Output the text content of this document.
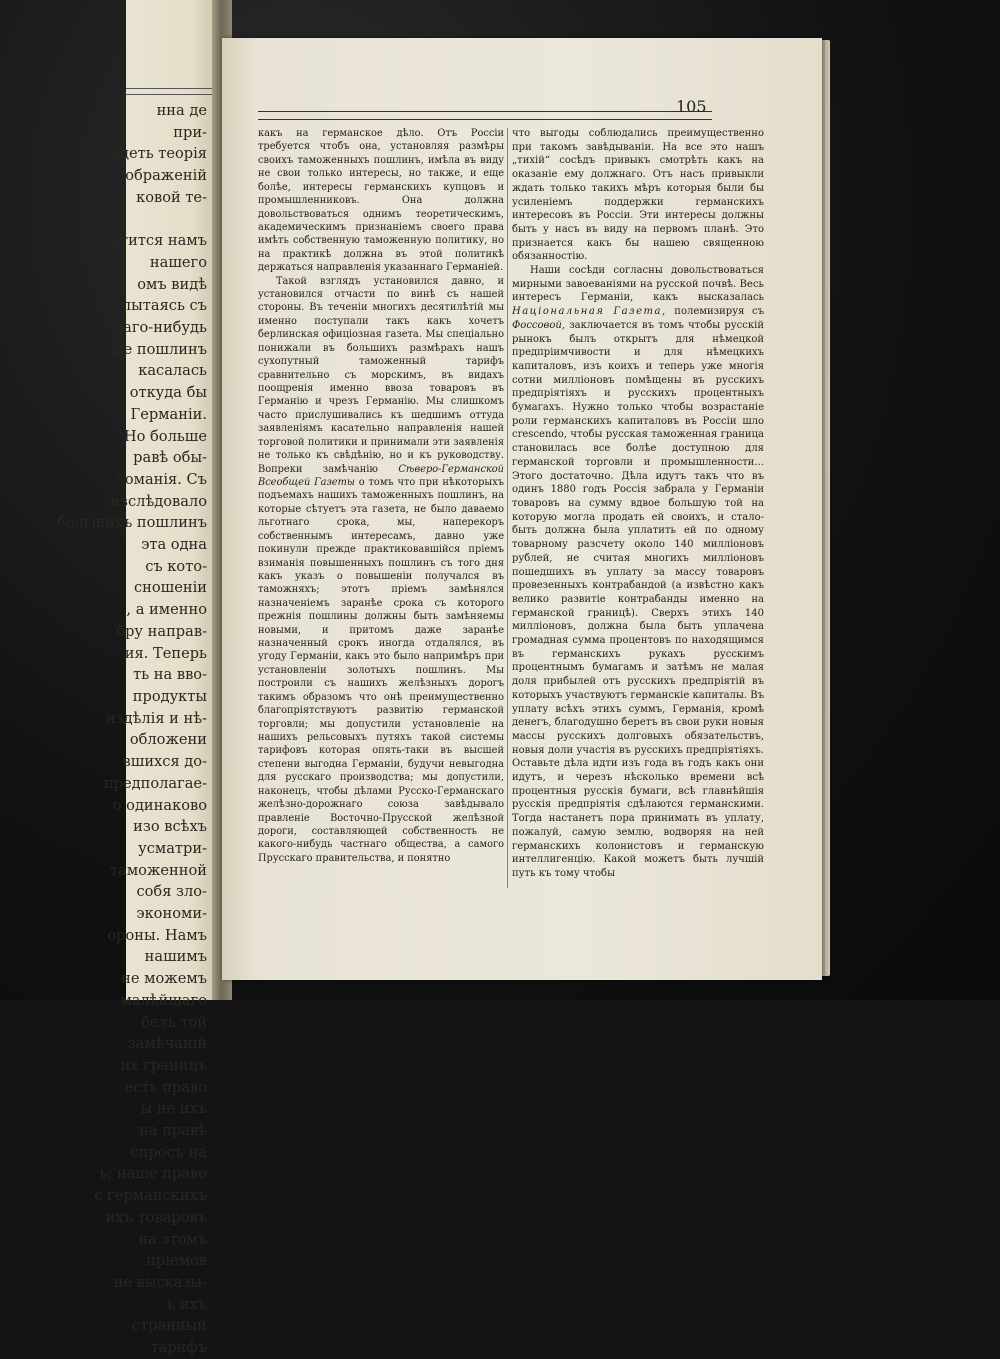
нна де
при-
ждеть теорія
ображеній
ковой те-

утится намъ
нашего
омъ видѣ
пытаясь съ
наго-нибудь
ые пошлинъ
касалась
откуда бы
Германіи.
Но больше
равѣ обы-
ломанія. Съ
изслѣдовало
большихъ пошлинъ
эта одна
съ кото-
сношеніи
, а именно
бру направ-
ия. Теперь
ть на вво-
продукты
издѣлія и нѣ-
обложени
вшихся до-
предполагае-
о одинаково
изо всѣхъ
усматри-
таможенной
собя зло-
экономи-
ороны. Намъ
нашимъ
не можемъ
малѣйшаго
безъ той
замѣчаній
их границъ
есть право
ы не ихъ
на правѣ
спросъ на
ь; наше право
с германскихъ
ихъ товаровъ
на этомъ
пріемов
не высказы-
ь ихъ
странный
тарифъ
105

какъ на германское дѣло. Отъ Россіи требуется чтобъ она, установляя размѣры своихъ таможенныхъ пошлинъ, имѣла въ виду не свои только интересы, но также, и еще болѣе, интересы германскихъ купцовъ и промышленниковъ. Она должна довольствоваться однимъ теоретическимъ, академическимъ признаніемъ своего права имѣть собственную таможенную политику, но на практикѣ должна въ этой политикѣ держаться направленія указаннаго Германіей.

Такой взглядъ установился давно, и установился отчасти по винѣ съ нашей стороны. Въ теченіи многихъ десятилѣтій мы именно поступали такъ какъ хочетъ берлинская офиціозная газета. Мы спеціально понижали въ большихъ размѣрахъ нашъ сухопутный таможенный тарифъ сравнительно съ морскимъ, въ видахъ поощренія именно ввоза товаровъ въ Германію и чрезъ Германію. Мы слишкомъ часто прислушивались къ шедшимъ оттуда заявленіямъ касательно направленія нашей торговой политики и принимали эти заявленія не только къ свѣдѣнію, но и къ руководству. Вопреки замѣчанію Сѣверо-Германской Всеобщей Газеты о томъ что при нѣкоторыхъ подъемахъ нашихъ таможенныхъ пошлинъ, на которые сѣтуетъ эта газета, не было даваемо льготнаго срока, мы, наперекоръ собственнымъ интересамъ, давно уже покинули прежде практиковавшійся пріемъ взиманія повышенныхъ пошлинъ съ того дня какъ указъ о повышеніи получался въ таможняхъ; этотъ пріемъ замѣнялся назначеніемъ заранѣе срока съ которого прежнія пошлины должны быть замѣняемы новыми, и притомъ даже заранѣе назначенный срокъ иногда отдалялся, въ угоду Германіи, какъ это было напримѣръ при установленіи золотыхъ пошлинъ. Мы построили съ нашихъ желѣзныхъ дорогъ такимъ образомъ что онѣ преимущественно благопріятствуютъ развитію германской торговли; мы допустили установленіе на нашихъ рельсовыхъ путяхъ такой системы тарифовъ которая опять-таки въ высшей степени выгодна Германіи, будучи невыгодна для русскаго производства; мы допустили, наконецъ, чтобы дѣлами Русско-Германскаго желѣзно-дорожнаго союза завѣдывало правленіе Восточно-Прусской желѣзной дороги, составляющей собственность не какого-нибудь частнаго общества, а самого Прусскаго правительства, и понятно

что выгоды соблюдались преимущественно при такомъ завѣдываніи. На все это нашъ „тихій“ сосѣдъ привыкъ смотрѣть какъ на оказаніе ему должнаго. Отъ насъ привыкли ждать только такихъ мѣръ которыя были бы усиленіемъ поддержки германскихъ интересовъ въ Россіи. Эти интересы должны быть у насъ въ виду на первомъ планѣ. Это признается какъ бы нашею священною обязанностію.

Наши сосѣди согласны довольствоваться мирными завоеваніями на русской почвѣ. Весь интересъ Германіи, какъ высказалась Національная Газета, полемизируя съ Фоссовой, заключается въ томъ чтобы русскій рынокъ былъ открытъ для нѣмецкой предпріимчивости и для нѣмецкихъ капиталовъ, изъ коихъ и теперь уже многія сотни милліоновъ помѣщены въ русскихъ предпріятіяхъ и русскихъ процентныхъ бумагахъ. Нужно только чтобы возрастаніе роли германскихъ капиталовъ въ Россіи шло crescendo, чтобы русская таможенная граница становилась все болѣе доступною для германской торговли и промышленности... Этого достаточно. Дѣла идутъ такъ что въ одинъ 1880 годъ Россія забрала у Германіи товаровъ на сумму вдвое большую той на которую могла продать ей своихъ, и стало-быть должна была уплатить ей по одному товарному разсчету около 140 милліоновъ рублей, не считая многихъ милліоновъ пошедшихъ въ уплату за массу товаровъ провезенныхъ контрабандой (а извѣстно какъ велико развитіе контрабанды именно на германской границѣ). Сверхъ этихъ 140 милліоновъ, должна была быть уплачена громадная сумма процентовъ по находящимся въ германскихъ рукахъ русскимъ процентнымъ бумагамъ и затѣмъ не малая доля прибылей отъ русскихъ предпріятій въ которыхъ участвуютъ германскіе капиталы. Въ уплату всѣхъ этихъ суммъ, Германія, кромѣ денегъ, благодушно беретъ въ свои руки новыя массы русскихъ долговыхъ обязательствъ, новыя доли участія въ русскихъ предпріятіяхъ. Оставьте дѣла идти изъ года въ годъ какъ они идутъ, и черезъ нѣсколько времени всѣ процентныя русскія бумаги, всѣ главнѣйшія русскія предпріятія сдѣлаются германскими. Тогда настанетъ пора принимать въ уплату, пожалуй, самую землю, водворяя на ней германскихъ колонистовъ и германскую интеллигенцію. Какой можетъ быть лучшій путь къ тому чтобы
